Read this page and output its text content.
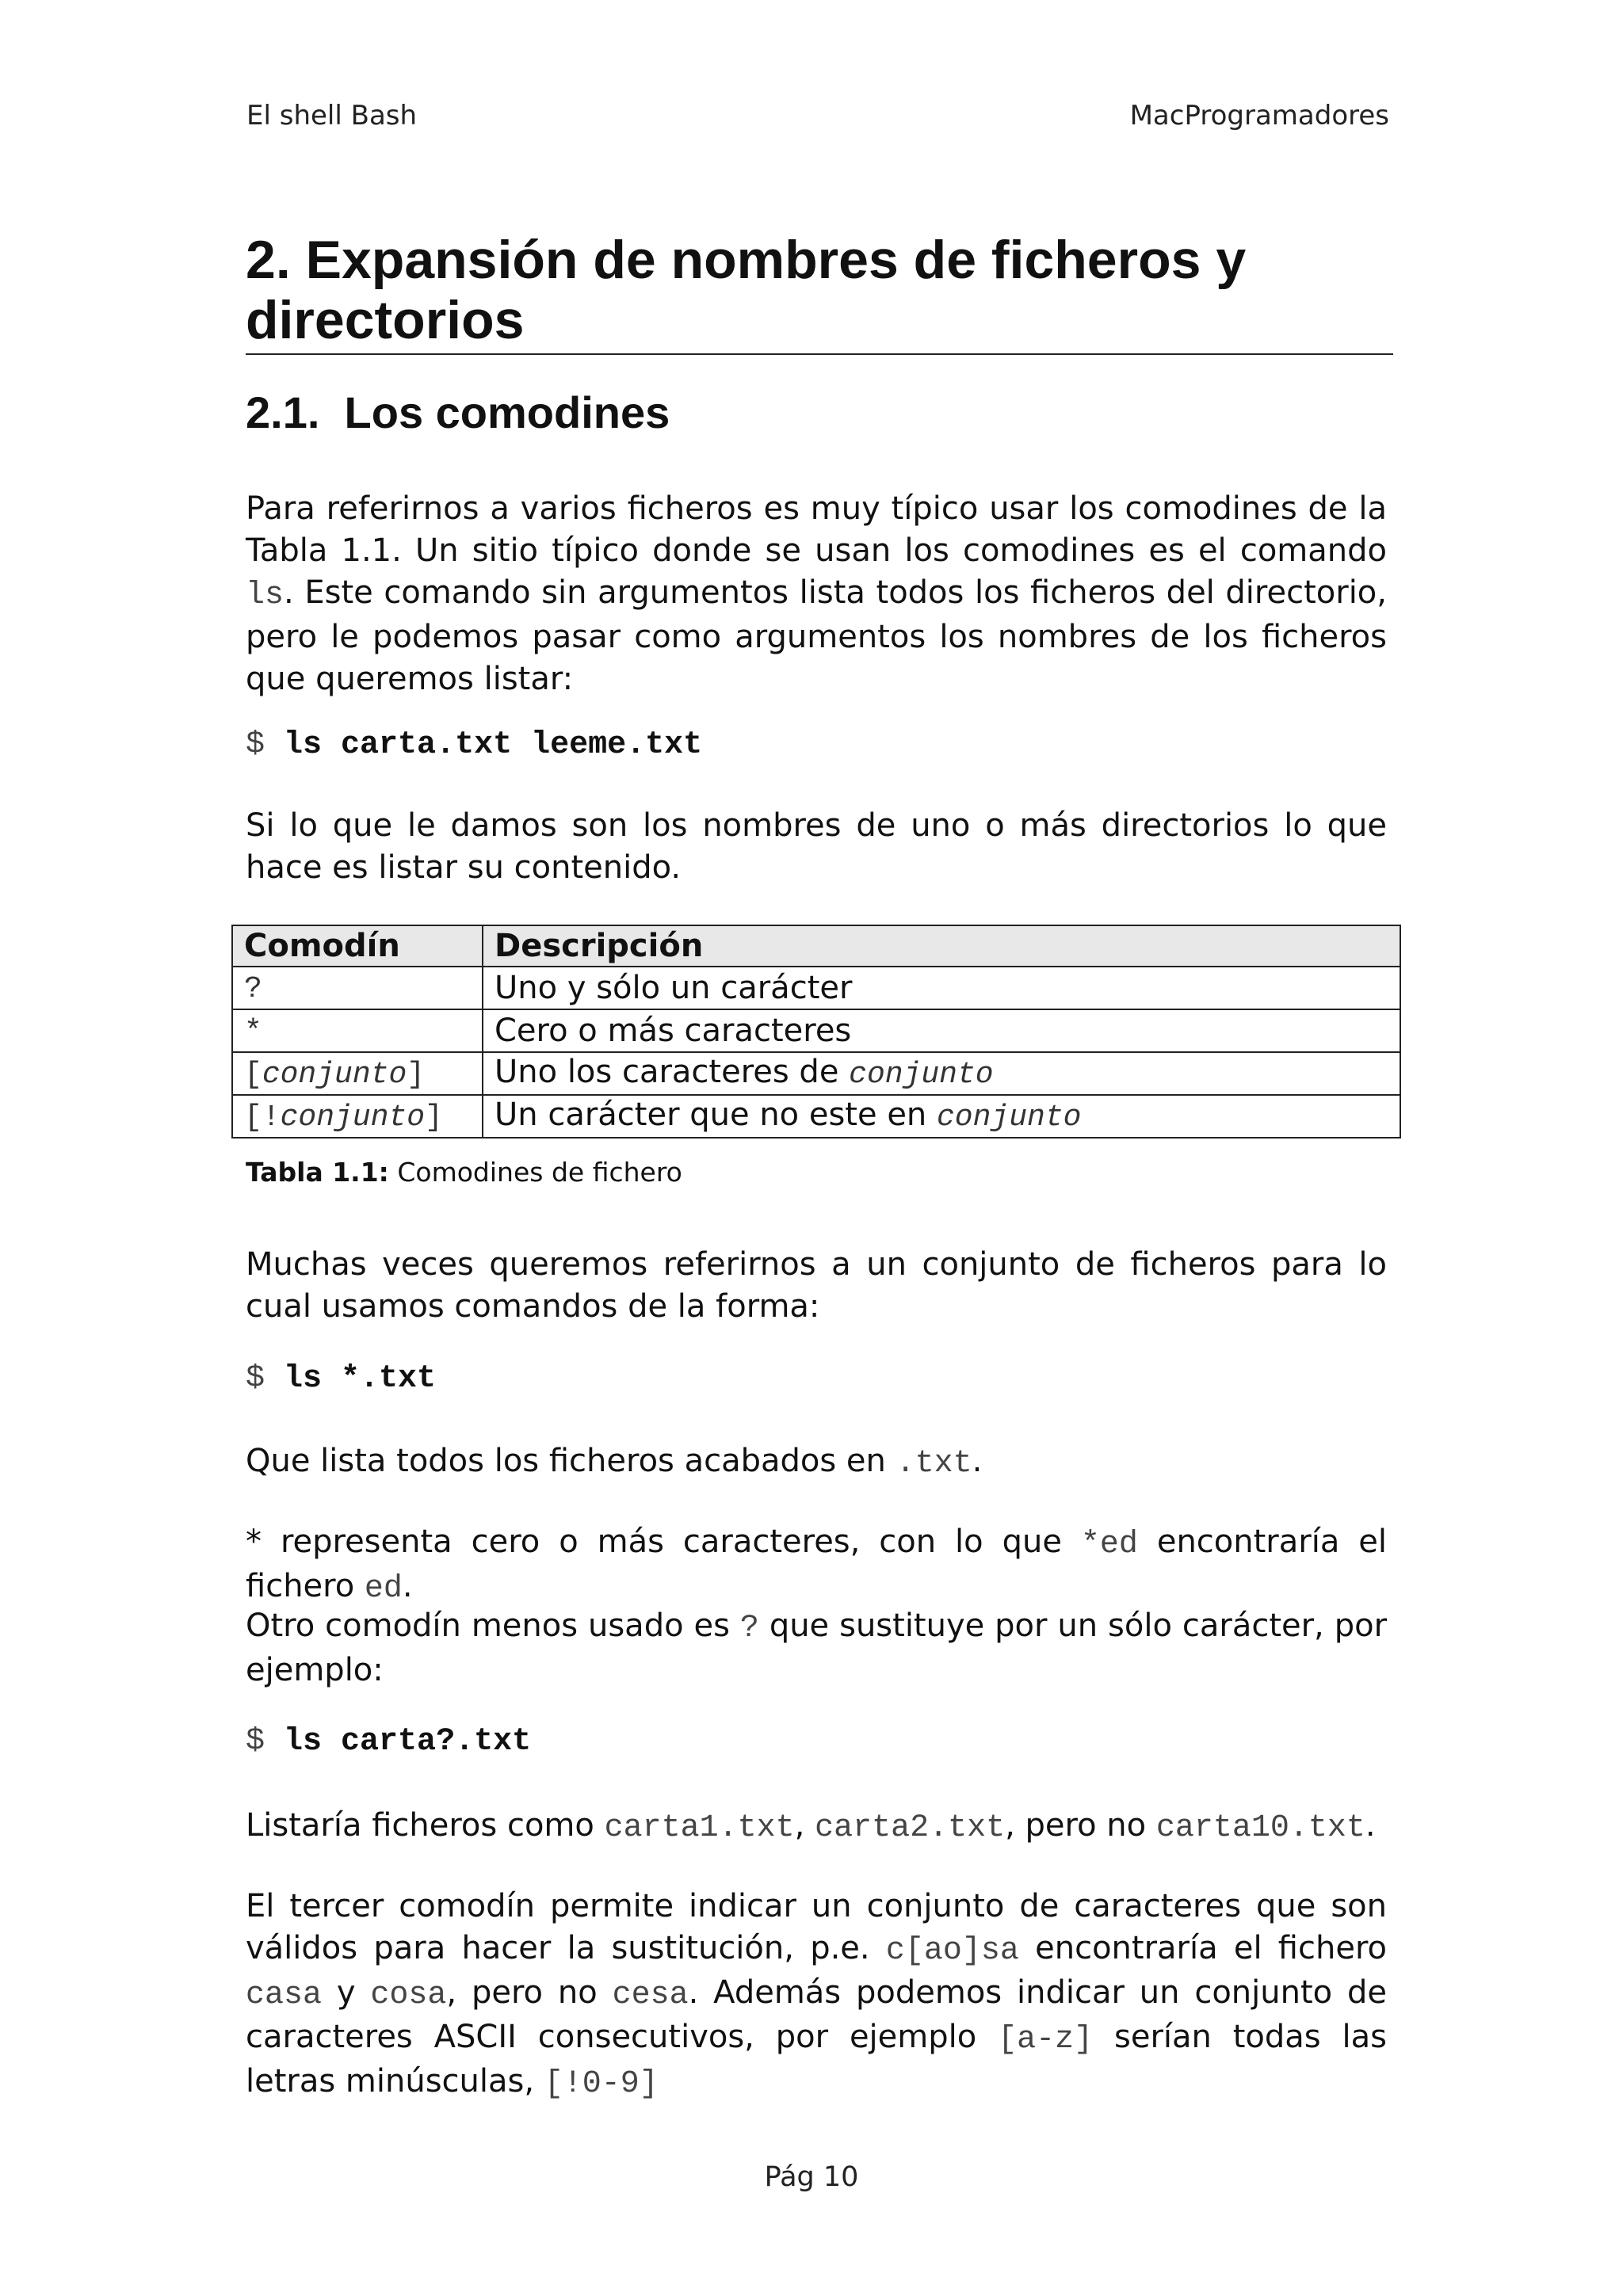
El shell Bash	MacProgramadores
2. Expansión de nombres de ficheros y directorios
2.1.  Los comodines
Para referirnos a varios ficheros es muy típico usar los comodines de la Tabla 1.1. Un sitio típico donde se usan los comodines es el comando ls. Este comando sin argumentos lista todos los ficheros del directorio, pero le podemos pasar como argumentos los nombres de los ficheros que queremos listar:
$ ls carta.txt leeme.txt
Si lo que le damos son los nombres de uno o más directorios lo que hace es listar su contenido.
Comodín	Descripción
?	Uno y sólo un carácter
*	Cero o más caracteres
[conjunto]	Uno los caracteres de conjunto
[!conjunto]	Un carácter que no este en conjunto
Tabla 1.1: Comodines de fichero
Muchas veces queremos referirnos a un conjunto de ficheros para lo cual usamos comandos de la forma:
$ ls *.txt
Que lista todos los ficheros acabados en .txt.
* representa cero o más caracteres, con lo que *ed encontraría el fichero ed.
Otro comodín menos usado es ? que sustituye por un sólo carácter, por ejemplo:
$ ls carta?.txt
Listaría ficheros como carta1.txt, carta2.txt, pero no carta10.txt.
El tercer comodín permite indicar un conjunto de caracteres que son válidos para hacer la sustitución, p.e. c[ao]sa encontraría el fichero casa y cosa, pero no cesa. Además podemos indicar un conjunto de caracteres ASCII consecutivos, por ejemplo [a-z] serían todas las letras minúsculas, [!0-9]
Pág 10
